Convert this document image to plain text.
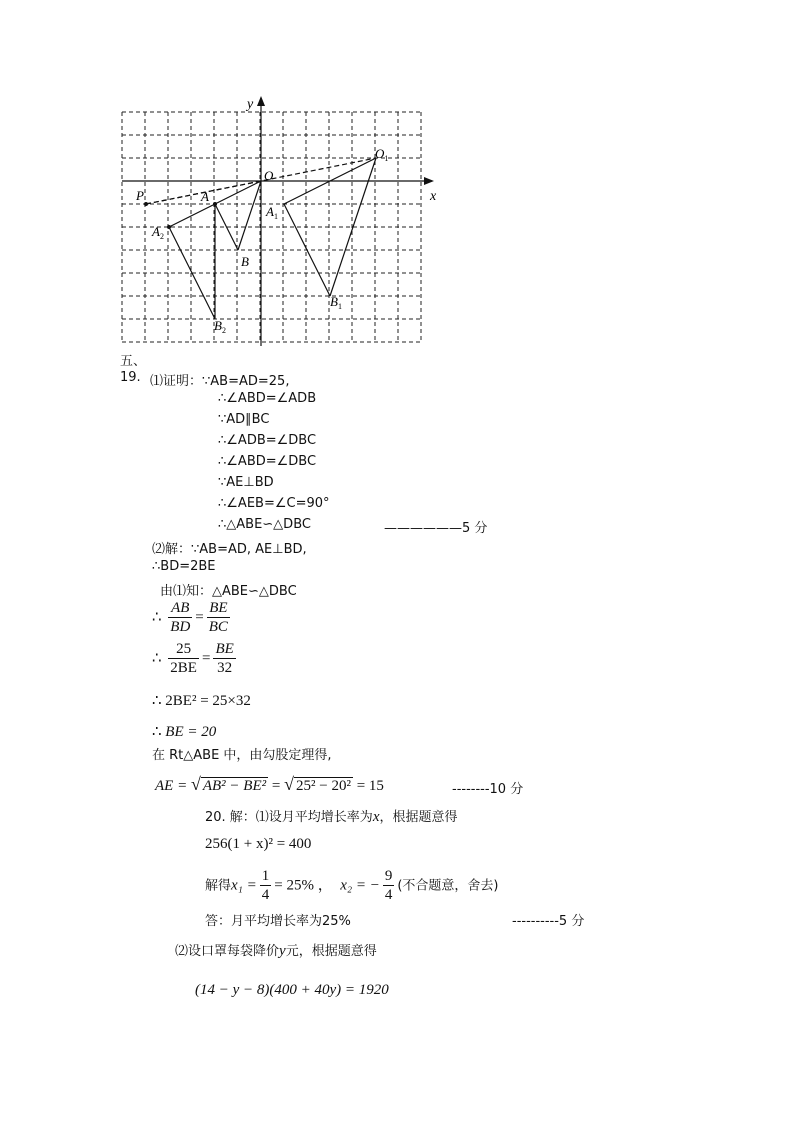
y
x
O
$O_1$
P	A
$A_1$
$A_2$
B
$B_1$
$B_2$
五、
19. ⑴证明：∵AB=AD=25,
∴∠ABD=∠ADB
∵AD∥BC
∴∠ADB=∠DBC
∴∠ABD=∠DBC
∵AE⊥BD
∴∠AEB=∠C=90°
∴△ABE∽△DBC	——————5 分
⑵解：∵AB=AD, AE⊥BD,
∴BD=2BE
由⑴知：△ABE∽△DBC
∴ $\frac{AB}{BD} = \frac{BE}{BC}$
∴ $\frac{25}{2BE} = \frac{BE}{32}$
∴ 2BE² = 25×32
∴ BE = 20
在 Rt△ABE 中，由勾股定理得,
AE = √ AB² − BE² = √ 25² − 20² = 15	--------10 分
20. 解：⑴设月平均增长率为x，根据题意得
256(1 + x)² = 400
解得$x_1 = \frac{1}{4} = 25\%$ ， x₂ = − $\frac{9}{4}$ (不合题意，舍去)
答：月平均增长率为25%	----------5 分
⑵设口罩每袋降价y元，根据题意得
(14 − y − 8)(400 + 40y) = 1920
